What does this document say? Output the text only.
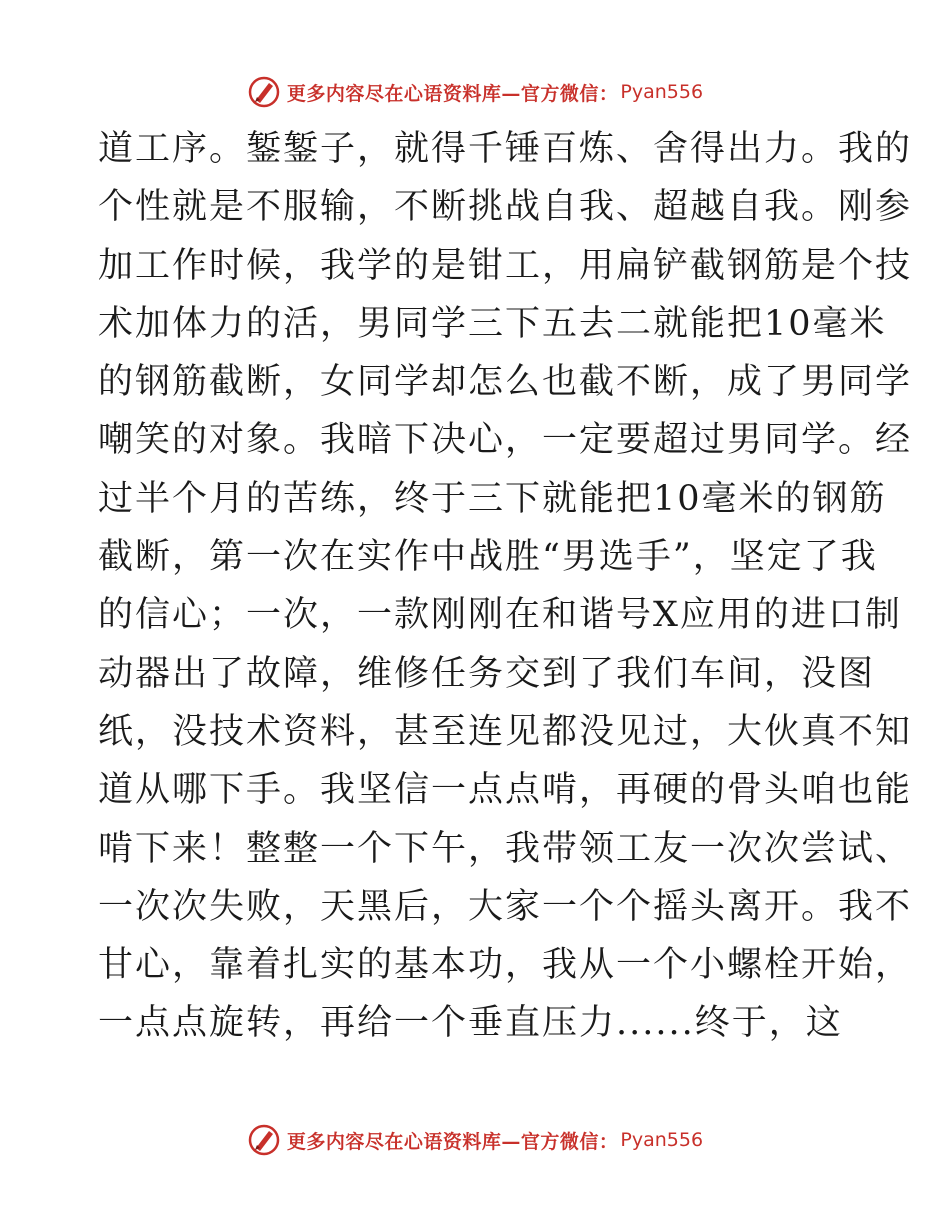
更多内容尽在心语资料库—官方微信： Pyan556
道工序。錾錾子，就得千锤百炼、舍得出力。我的
个性就是不服输，不断挑战自我、超越自我。刚参
加工作时候，我学的是钳工，用扁铲截钢筋是个技
术加体力的活，男同学三下五去二就能把10毫米
的钢筋截断，女同学却怎么也截不断，成了男同学
嘲笑的对象。我暗下决心，一定要超过男同学。经
过半个月的苦练，终于三下就能把10毫米的钢筋
截断，第一次在实作中战胜“男选手”，坚定了我
的信心；一次，一款刚刚在和谐号X应用的进口制
动器出了故障，维修任务交到了我们车间，没图
纸，没技术资料，甚至连见都没见过，大伙真不知
道从哪下手。我坚信一点点啃，再硬的骨头咱也能
啃下来！整整一个下午，我带领工友一次次尝试、
一次次失败，天黑后，大家一个个摇头离开。我不
甘心，靠着扎实的基本功，我从一个小螺栓开始，
一点点旋转，再给一个垂直压力......终于，这
更多内容尽在心语资料库—官方微信： Pyan556
